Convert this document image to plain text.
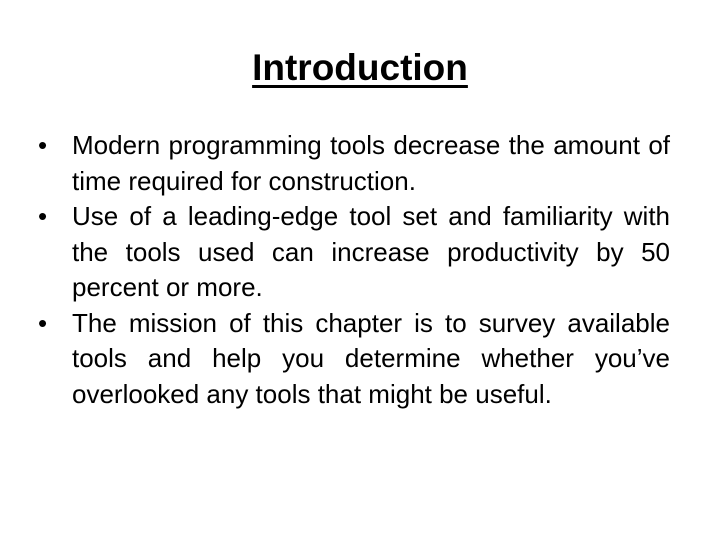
Introduction
• Modern programming tools decrease the amount of time required for construction.
• Use of a leading-edge tool set and familiarity with the tools used can increase productivity by 50 percent or more.
• The mission of this chapter is to survey available tools and help you determine whether you’ve overlooked any tools that might be useful.
